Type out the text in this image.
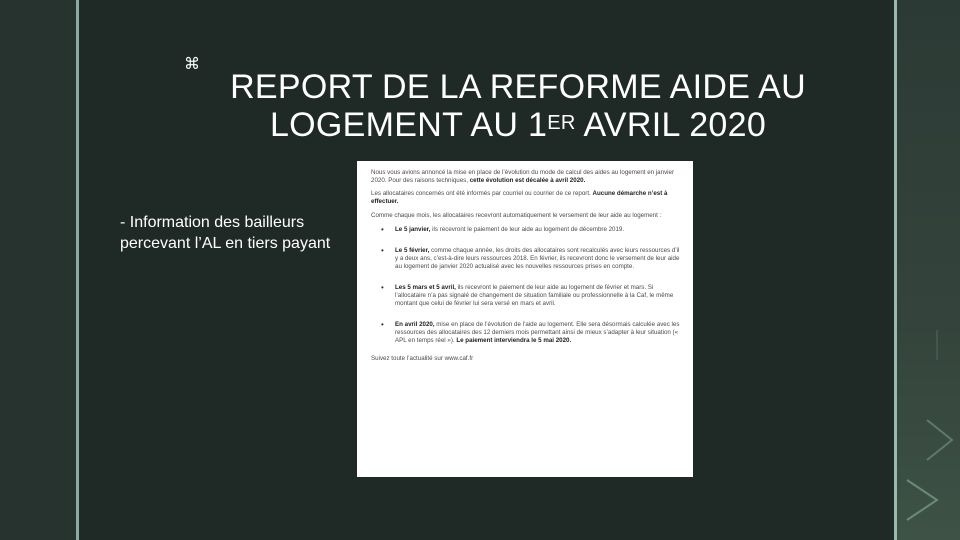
⌘
REPORT DE LA REFORME AIDE AU
LOGEMENT AU 1ER AVRIL 2020
- Information des bailleurs percevant l’AL en tiers payant

Nous vous avions annoncé la mise en place de l’évolution du mode de calcul des aides au logement en janvier 2020. Pour des raisons techniques, cette évolution est décalée à avril 2020.

Les allocataires concernés ont été informés par courriel ou courrier de ce report. Aucune démarche n’est à effectuer.

Comme chaque mois, les allocataires recevront automatiquement le versement de leur aide au logement :

• Le 5 janvier, ils recevront le paiement de leur aide au logement de décembre 2019.
• Le 5 février, comme chaque année, les droits des allocataires sont recalculés avec leurs ressources d’il y a deux ans, c’est-à-dire leurs ressources 2018. En février, ils recevront donc le versement de leur aide au logement de janvier 2020 actualisé avec les nouvelles ressources prises en compte.
• Les 5 mars et 5 avril, ils recevront le paiement de leur aide au logement de février et mars. Si l’allocataire n’a pas signalé de changement de situation familiale ou professionnelle à la Caf, le même montant que celui de février lui sera versé en mars et avril.
• En avril 2020, mise en place de l’évolution de l’aide au logement. Elle sera désormais calculée avec les ressources des allocataires des 12 derniers mois permettant ainsi de mieux s’adapter à leur situation (« APL en temps réel »). Le paiement interviendra le 5 mai 2020.

Suivez toute l’actualité sur www.caf.fr
